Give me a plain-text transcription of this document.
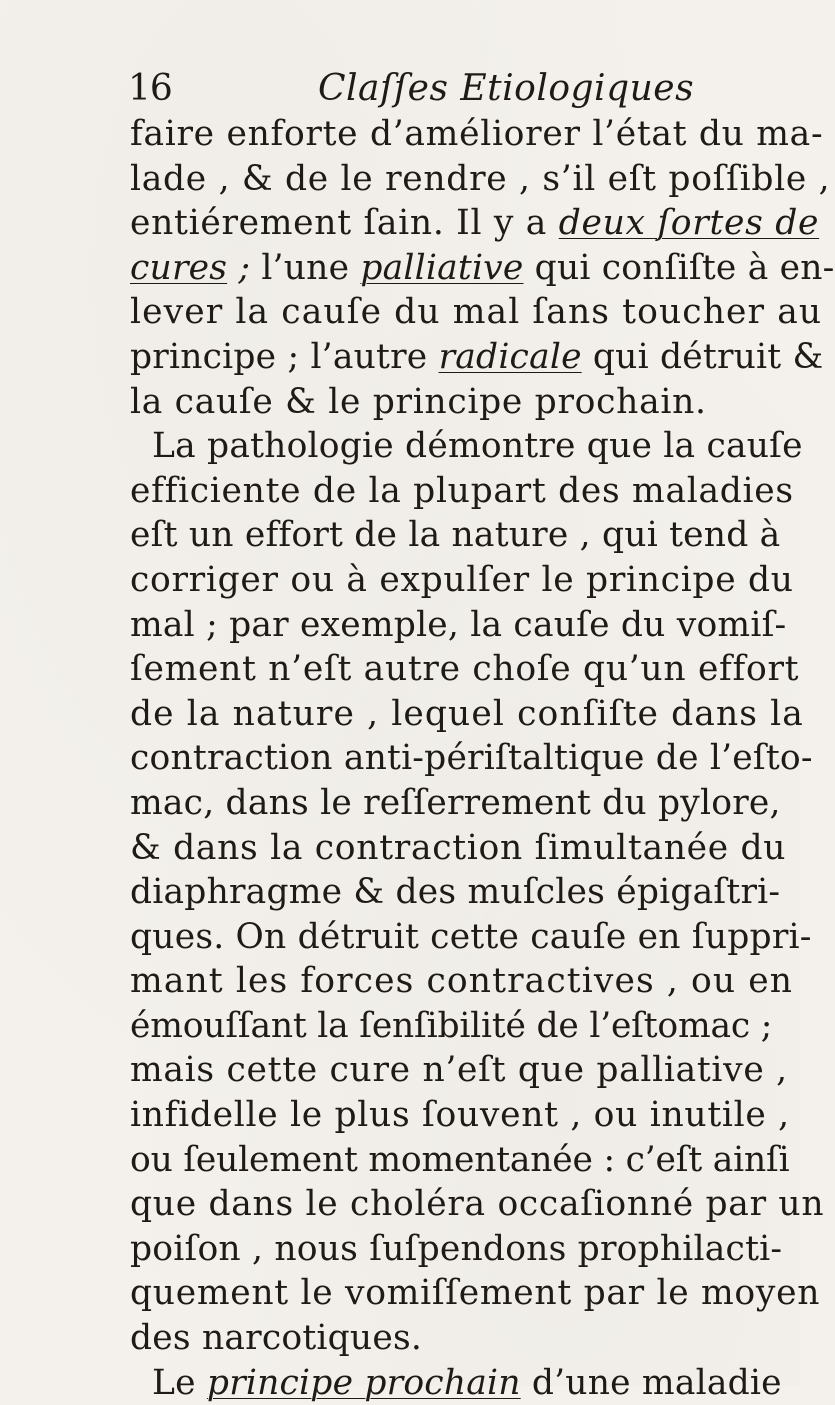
16	Claſſes Etiologiques
faire enforte d’améliorer l’état du ma-
lade , & de le rendre , s’il eſt poſſible ,
entiérement ſain. Il y a deux ſortes de
cures ; l’une palliative qui conſiſte à en-
lever la cauſe du mal ſans toucher au
principe ; l’autre radicale qui détruit &
la cauſe & le principe prochain.
La pathologie démontre que la cauſe
efficiente de la plupart des maladies
eſt un effort de la nature , qui tend à
corriger ou à expulſer le principe du
mal ; par exemple, la cauſe du vomiſ-
ſement n’eſt autre choſe qu’un effort
de la nature , lequel conſiſte dans la
contraction anti-périſtaltique de l’eſto-
mac, dans le reſſerrement du pylore,
& dans la contraction ſimultanée du
diaphragme & des muſcles épigaſtri-
ques. On détruit cette cauſe en ſuppri-
mant les forces contractives , ou en
émouſſant la ſenſibilité de l’eſtomac ;
mais cette cure n’eſt que palliative ,
infidelle le plus ſouvent , ou inutile ,
ou ſeulement momentanée : c’eſt ainſi
que dans le choléra occaſionné par un
poiſon , nous ſuſpendons prophilacti-
quement le vomiſſement par le moyen
des narcotiques.
Le principe prochain d’une maladie
